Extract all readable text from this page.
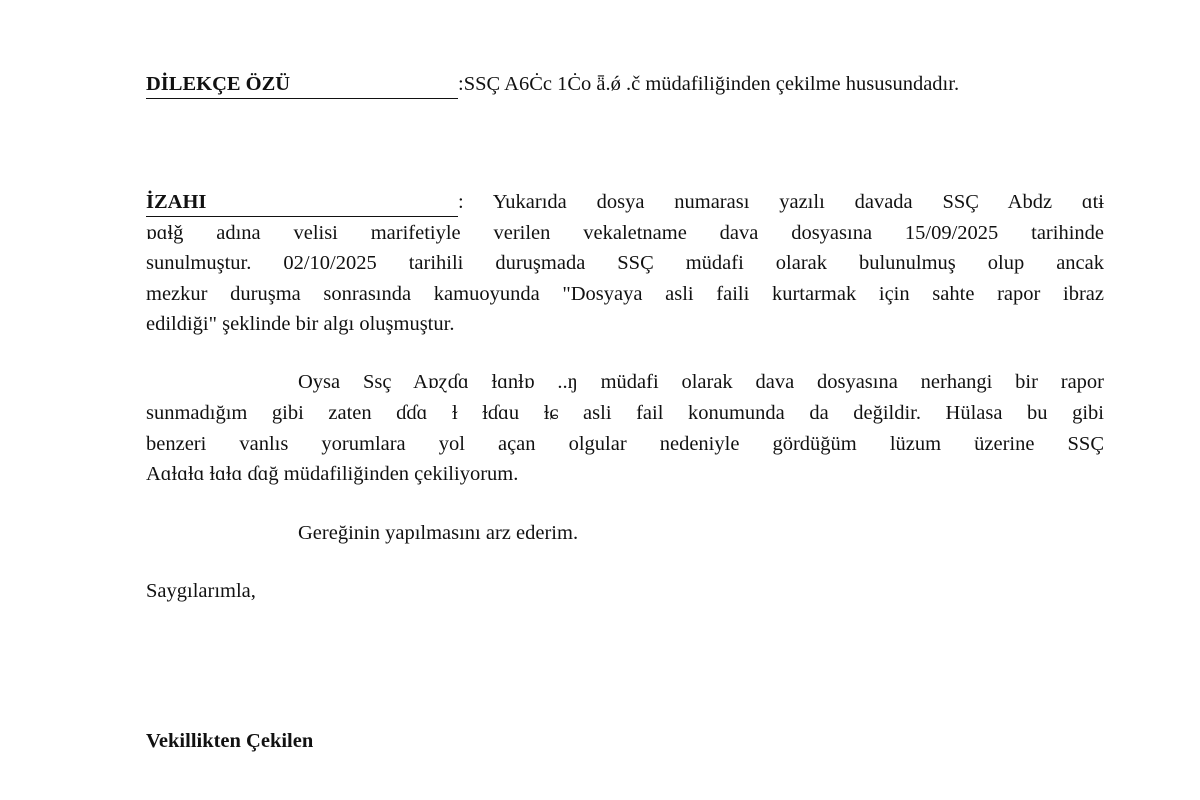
DİLEKÇE ÖZÜ	:SSÇ A6Ċc 1Ċo ǟ.ǿ .č müdafiliğinden çekilme hususundadır.
İZAHI	: Yukarıda dosya numarası yazılı davada SSÇ Abǳ ɑtɨ
ɒɑɬǧ adına velisi marifetiyle verilen vekaletname dava dosyasına 15/09/2025 tarihinde
sunulmuştur. 02/10/2025 tarihili duruşmada SSÇ müdafi olarak bulunulmuş olup ancak
mezkur duruşma sonrasında kamuoyunda "Dosyaya asli faili kurtarmak için sahte rapor ibraz
edildiği" şeklinde bir algı oluşmuştur.
Oysa Ssç Aɒɀɗɑ ɫɑnɫɒ ..ŋ müdafi olarak dava dosyasına nerhangi bir rapor
sunmadığım gibi zaten ɗɗɑ ɫ ɫɗɑu ɫɕ asli fail konumunda da değildir. Hülasa bu gibi
benzeri vanlıs yorumlara yol açan olgular nedeniyle gördüğüm lüzum üzerine SSÇ
Aɑɫɑɫɑ ɫɑɫɑ ɗɑğ müdafiliğinden çekiliyorum.
Gereğinin yapılmasını arz ederim.
Saygılarımla,
Vekillikten Çekilen
